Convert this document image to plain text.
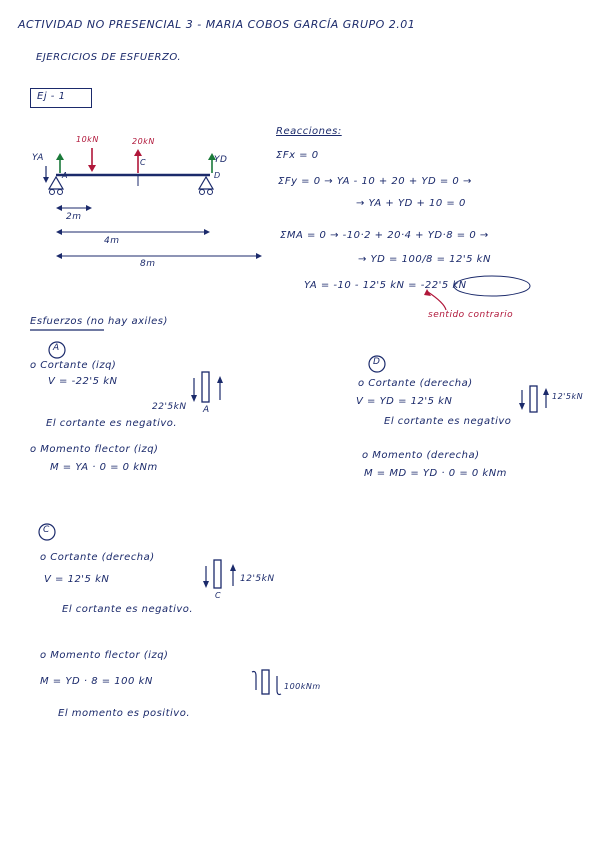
ACTIVIDAD NO PRESENCIAL 3 - MARIA COBOS GARCÍA GRUPO 2.01
EJERCICIOS DE ESFUERZO.
Ej - 1
10kN	20kN
YA	YD
A
C
D
2m
4m
8m
Reacciones:
ΣFx = 0
ΣFy = 0 → YA - 10 + 20 + YD = 0 →
→ YA + YD + 10 = 0
ΣMA = 0 → -10·2 + 20·4 + YD·8 = 0 →
→ YD = 100/8 = 12'5 kN
YA = -10 - 12'5 kN = -22'5 kN
sentido contrario
Esfuerzos (no hay axiles)
A
o Cortante (izq)
V = -22'5 kN
22'5kN A
El cortante es negativo.
o Momento flector (izq)
M = YA · 0 = 0 kNm
D
o Cortante (derecha)
V = YD = 12'5 kN	12'5kN
El cortante es negativo
o Momento (derecha)
M = MD = YD · 0 = 0 kNm
C
o Cortante (derecha)
V = 12'5 kN	12'5kN
C
El cortante es negativo.
o Momento flector (izq)
M = YD · 8 = 100 kN	100kNm
El momento es positivo.
